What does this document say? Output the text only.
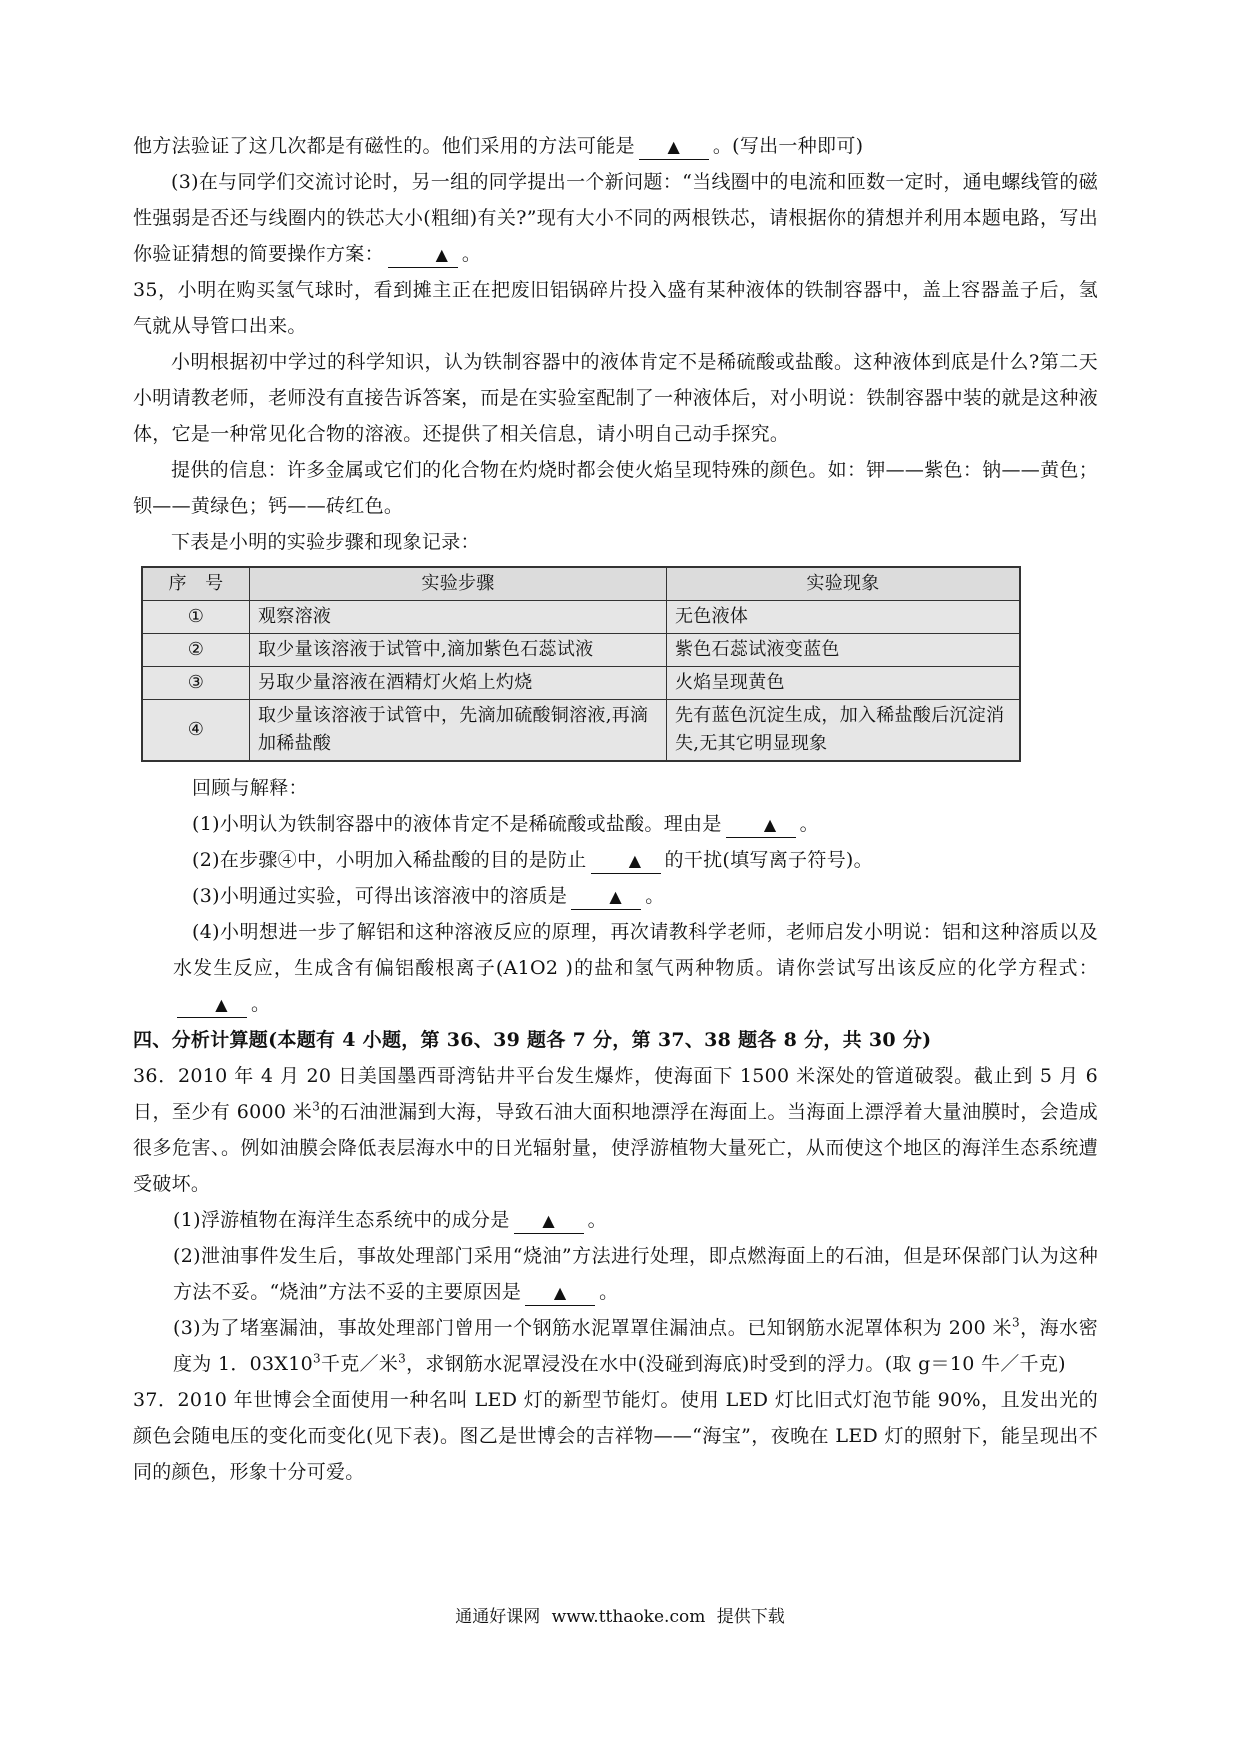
他方法验证了这几次都是有磁性的。他们采用的方法可能是 ▲ 。(写出一种即可)

(3)在与同学们交流讨论时，另一组的同学提出一个新问题：“当线圈中的电流和匝数一定时，通电螺线管的磁性强弱是否还与线圈内的铁芯大小(粗细)有关?”现有大小不同的两根铁芯，请根据你的猜想并利用本题电路，写出你验证猜想的简要操作方案：	▲ 。

35，小明在购买氢气球时，看到摊主正在把废旧铝锅碎片投入盛有某种液体的铁制容器中，盖上容器盖子后，氢气就从导管口出来。

小明根据初中学过的科学知识，认为铁制容器中的液体肯定不是稀硫酸或盐酸。这种液体到底是什么?第二天小明请教老师，老师没有直接告诉答案，而是在实验室配制了一种液体后，对小明说：铁制容器中装的就是这种液体，它是一种常见化合物的溶液。还提供了相关信息，请小明自己动手探究。

提供的信息：许多金属或它们的化合物在灼烧时都会使火焰呈现特殊的颜色。如：钾——紫色：钠——黄色；钡——黄绿色；钙——砖红色。

下表是小明的实验步骤和现象记录：

序　号	实验步骤	实验现象
①	观察溶液	无色液体
②	取少量该溶液于试管中,滴加紫色石蕊试液	紫色石蕊试液变蓝色
③	另取少量溶液在酒精灯火焰上灼烧	火焰呈现黄色
④	取少量该溶液于试管中，先滴加硫酸铜溶液,再滴加稀盐酸	先有蓝色沉淀生成，加入稀盐酸后沉淀消失,无其它明显现象

回顾与解释：

(1)小明认为铁制容器中的液体肯定不是稀硫酸或盐酸。理由是	▲ 。

(2)在步骤④中，小明加入稀盐酸的目的是防止	▲ 的干扰(填写离子符号)。

(3)小明通过实验，可得出该溶液中的溶质是	▲ 。

(4)小明想进一步了解铝和这种溶液反应的原理，再次请教科学老师，老师启发小明说：铝和这种溶质以及水发生反应，生成含有偏铝酸根离子(A1O2 )的盐和氢气两种物质。请你尝试写出该反应的化学方程式：▲ 。

四、分析计算题(本题有 4 小题，第 36、39 题各 7 分，第 37、38 题各 8 分，共 30 分)

36．2010 年 4 月 20 日美国墨西哥湾钻井平台发生爆炸，使海面下 1500 米深处的管道破裂。截止到 5 月 6 日，至少有 6000 米$^3$的石油泄漏到大海，导致石油大面积地漂浮在海面上。当海面上漂浮着大量油膜时，会造成很多危害、。例如油膜会降低表层海水中的日光辐射量，使浮游植物大量死亡，从而使这个地区的海洋生态系统遭受破坏。

(1)浮游植物在海洋生态系统中的成分是 ▲ 。

(2)泄油事件发生后，事故处理部门采用“烧油”方法进行处理，即点燃海面上的石油，但是环保部门认为这种方法不妥。“烧油”方法不妥的主要原因是 ▲ 。

(3)为了堵塞漏油，事故处理部门曾用一个钢筋水泥罩罩住漏油点。已知钢筋水泥罩体积为 200 米$^3$，海水密度为 1．$03X10^3$千克／米$^3$，求钢筋水泥罩浸没在水中(没碰到海底)时受到的浮力。(取 g＝10 牛／千克)

37．2010 年世博会全面使用一种名叫 LED 灯的新型节能灯。使用 LED 灯比旧式灯泡节能 90%，且发出光的颜色会随电压的变化而变化(见下表)。图乙是世博会的吉祥物——“海宝”，夜晚在 LED 灯的照射下，能呈现出不同的颜色，形象十分可爱。

通通好课网 www.tthaoke.com 提供下载
